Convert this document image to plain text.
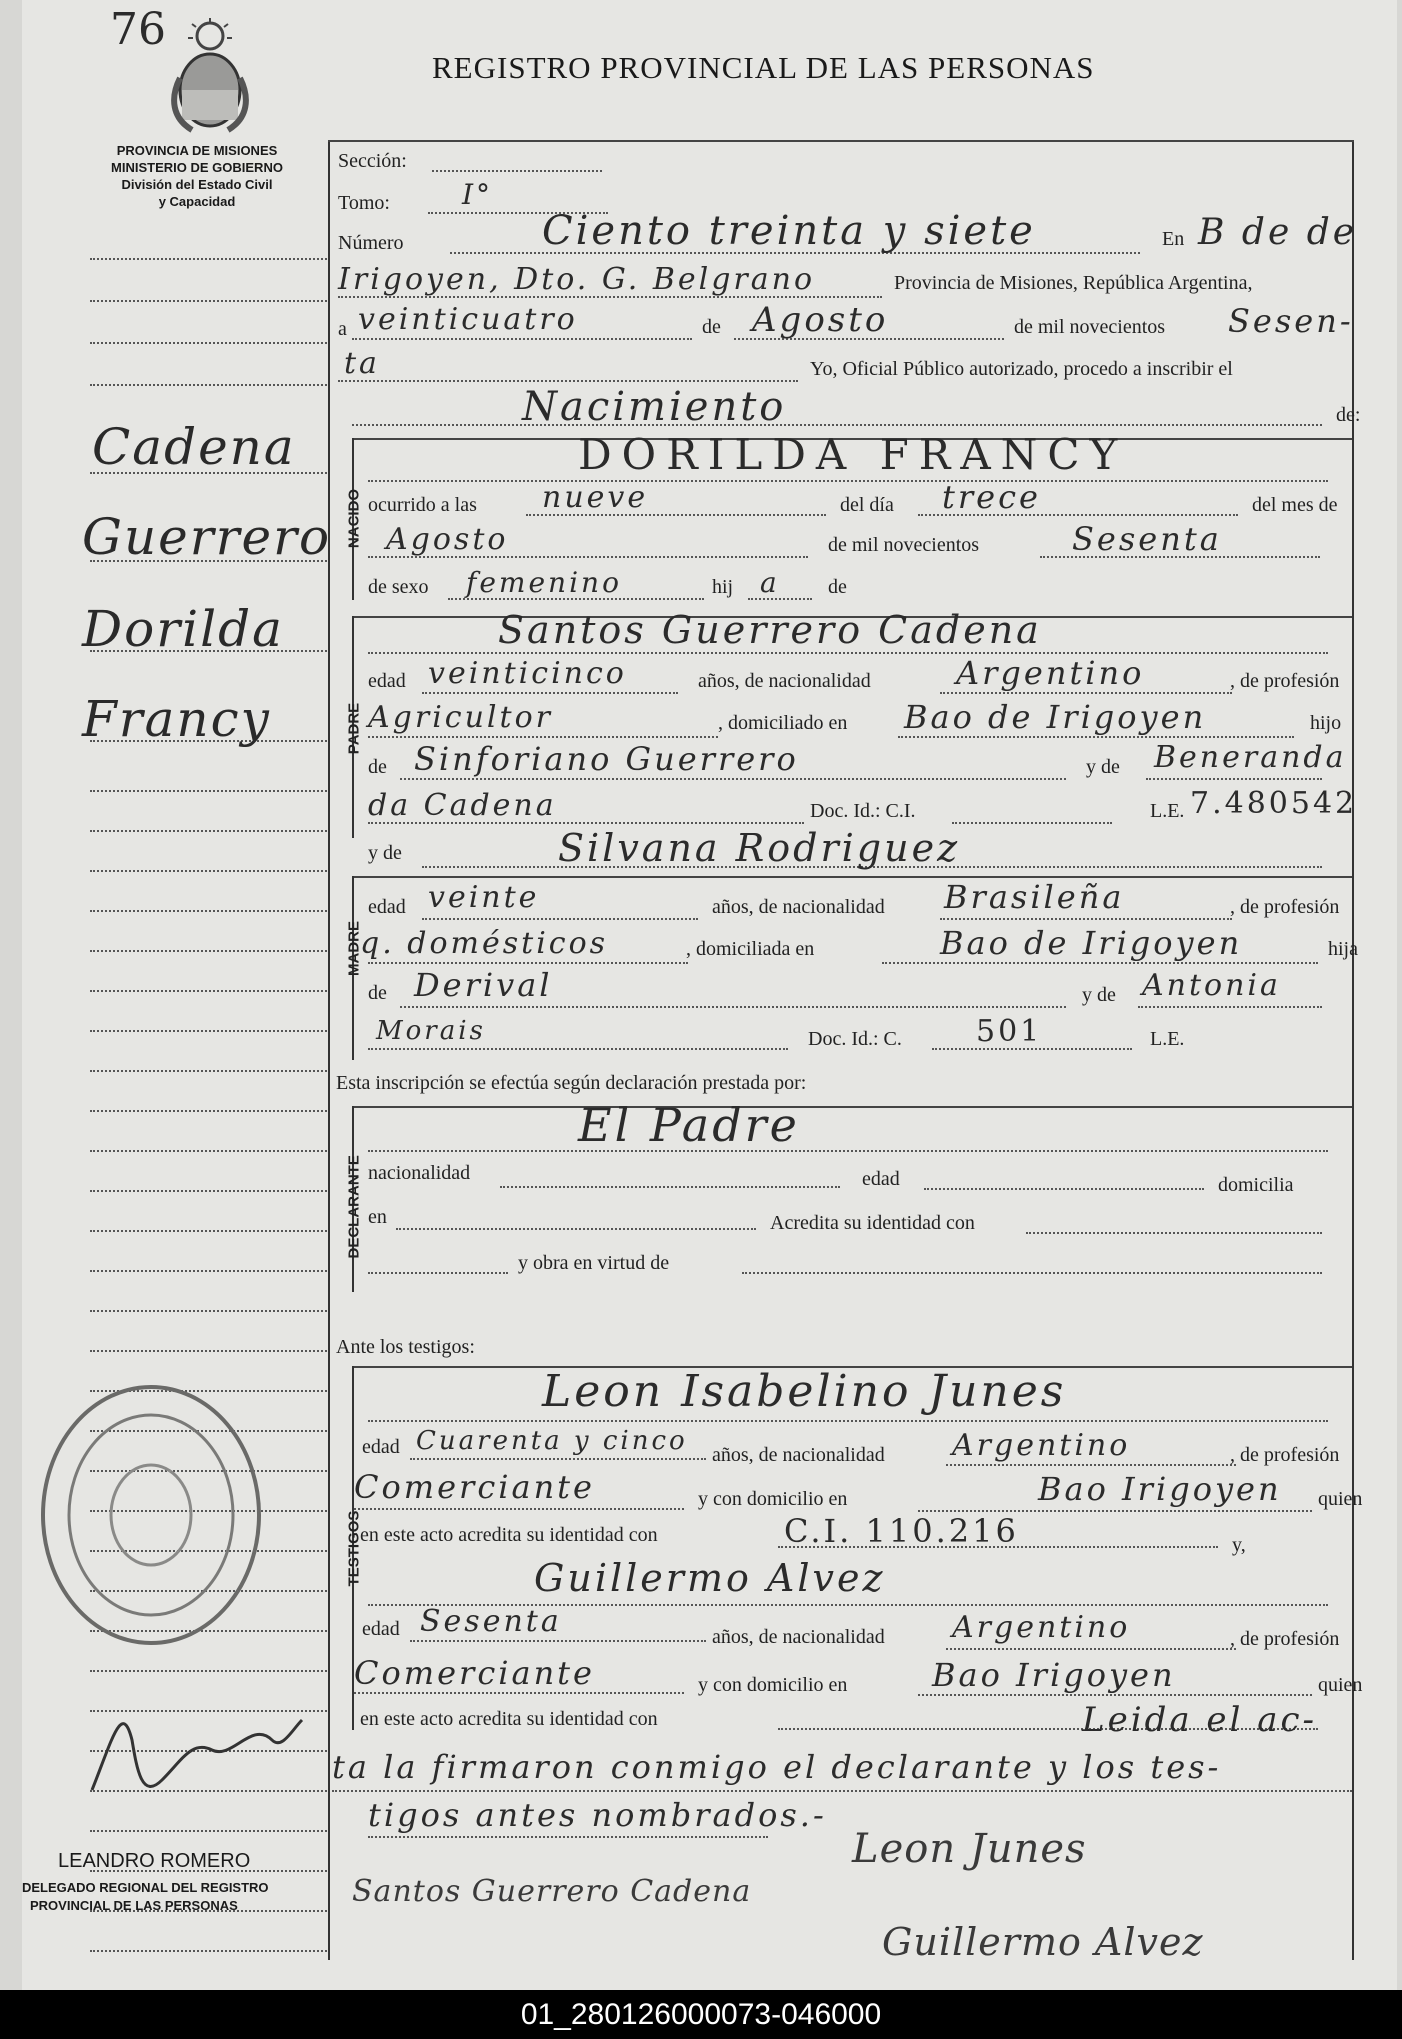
76
REGISTRO PROVINCIAL DE LAS PERSONAS
PROVINCIA DE MISIONES
MINISTERIO DE GOBIERNO
División del Estado Civil
y Capacidad
Cadena
Guerrero
Dorilda
Francy
LEANDRO ROMERO
DELEGADO REGIONAL DEL REGISTRO
PROVINCIAL DE LAS PERSONAS
Sección:
Tomo:	I°
Número	Ciento treinta y siete	En B de de
Irigoyen, Dto. G. Belgrano	Provincia de Misiones, República Argentina,
a veinticuatro	de Agosto	de mil novecientos Sesen-
ta	Yo, Oficial Público autorizado, procedo a inscribir el
Nacimiento	de:
NACIDO
DORILDA FRANCY
ocurrido a las nueve	del día trece	del mes de
Agosto	de mil novecientos	Sesenta
de sexo femenino	hij a de
PADRE
Santos Guerrero Cadena
edad veinticinco	años, de nacionalidad	Argentino	, de profesión
Agricultor	, domiciliado en Bao de Irigoyen	hijo
de Sinforiano Guerrero	y de Beneranda
da Cadena	Doc. Id.: C.I.	L.E. 7.480542
y de	Silvana Rodriguez
MADRE
edad veinte	años, de nacionalidad Brasileña	, de profesión
q. domésticos	, domiciliada en	Bao de Irigoyen	hija
de Derival	y de Antonia
Morais	Doc. Id.: C. 501	L.E.
Esta inscripción se efectúa según declaración prestada por:
DECLARANTE
El Padre
nacionalidad	edad	domicilia
en	Acredita su identidad con
y obra en virtud de
Ante los testigos:
TESTIGOS
Leon Isabelino Junes
edad Cuarenta y cinco años, de nacionalidad Argentino	, de profesión
Comerciante	y con domicilio en	Bao Irigoyen quien
en este acto acredita su identidad con	C.I. 110.216	y,
Guillermo Alvez
edad Sesenta	años, de nacionalidad Argentino	, de profesión
Comerciante	y con domicilio en	Bao Irigoyen	quien
en este acto acredita su identidad con	Leida el ac-
ta la firmaron conmigo el declarante y los tes-
tigos antes nombrados.-
Leon Junes
Santos Guerrero Cadena
Guillermo Alvez
01_280126000073-046000
